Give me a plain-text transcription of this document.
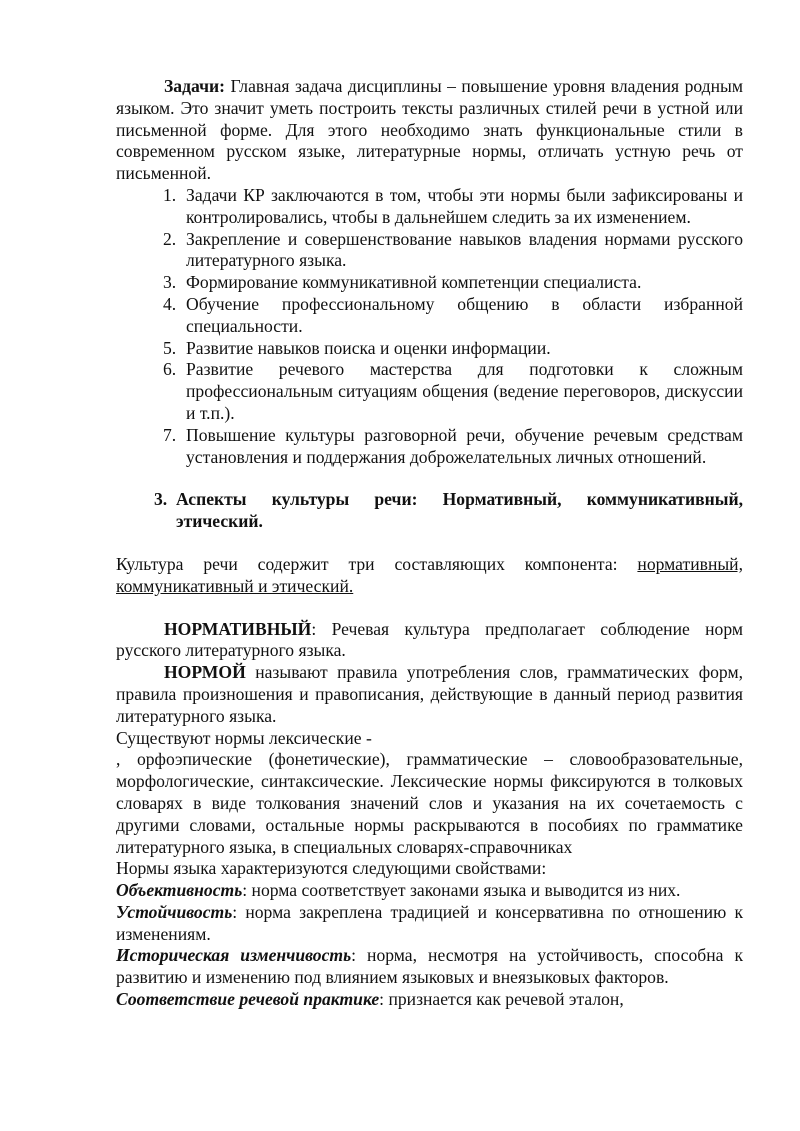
Задачи: Главная задача дисциплины – повышение уровня владения родным языком. Это значит уметь построить тексты различных стилей речи в устной или письменной форме. Для этого необходимо знать функциональные стили в современном русском языке, литературные нормы, отличать устную речь от письменной.

1. Задачи КР заключаются в том, чтобы эти нормы были зафиксированы и контролировались, чтобы в дальнейшем следить за их изменением.
2. Закрепление и совершенствование навыков владения нормами русского литературного языка.
3. Формирование коммуникативной компетенции специалиста.
4. Обучение профессиональному общению в области избранной специальности.
5. Развитие навыков поиска и оценки информации.
6. Развитие речевого мастерства для подготовки к сложным профессиональным ситуациям общения (ведение переговоров, дискуссии и т.п.).
7. Повышение культуры разговорной речи, обучение речевым средствам установления и поддержания доброжелательных личных отношений.

3. Аспекты культуры речи: Нормативный, коммуникативный, этический.

Культура речи содержит три составляющих компонента: нормативный, коммуникативный и этический.

НОРМАТИВНЫЙ: Речевая культура предполагает соблюдение норм русского литературного языка.

НОРМОЙ называют правила употребления слов, грамматических форм, правила произношения и правописания, действующие в данный период развития литературного языка.

Существуют нормы лексические -

, орфоэпические (фонетические), грамматические – словообразовательные, морфологические, синтаксические. Лексические нормы фиксируются в толковых словарях в виде толкования значений слов и указания на их сочетаемость с другими словами, остальные нормы раскрываются в пособиях по грамматике литературного языка, в специальных словарях-справочниках

Нормы языка характеризуются следующими свойствами:

Объективность: норма соответствует законами языка и выводится из них.

Устойчивость: норма закреплена традицией и консервативна по отношению к изменениям.

Историческая изменчивость: норма, несмотря на устойчивость, способна к развитию и изменению под влиянием языковых и внеязыковых факторов.

Соответствие речевой практике: признается как речевой эталон,
